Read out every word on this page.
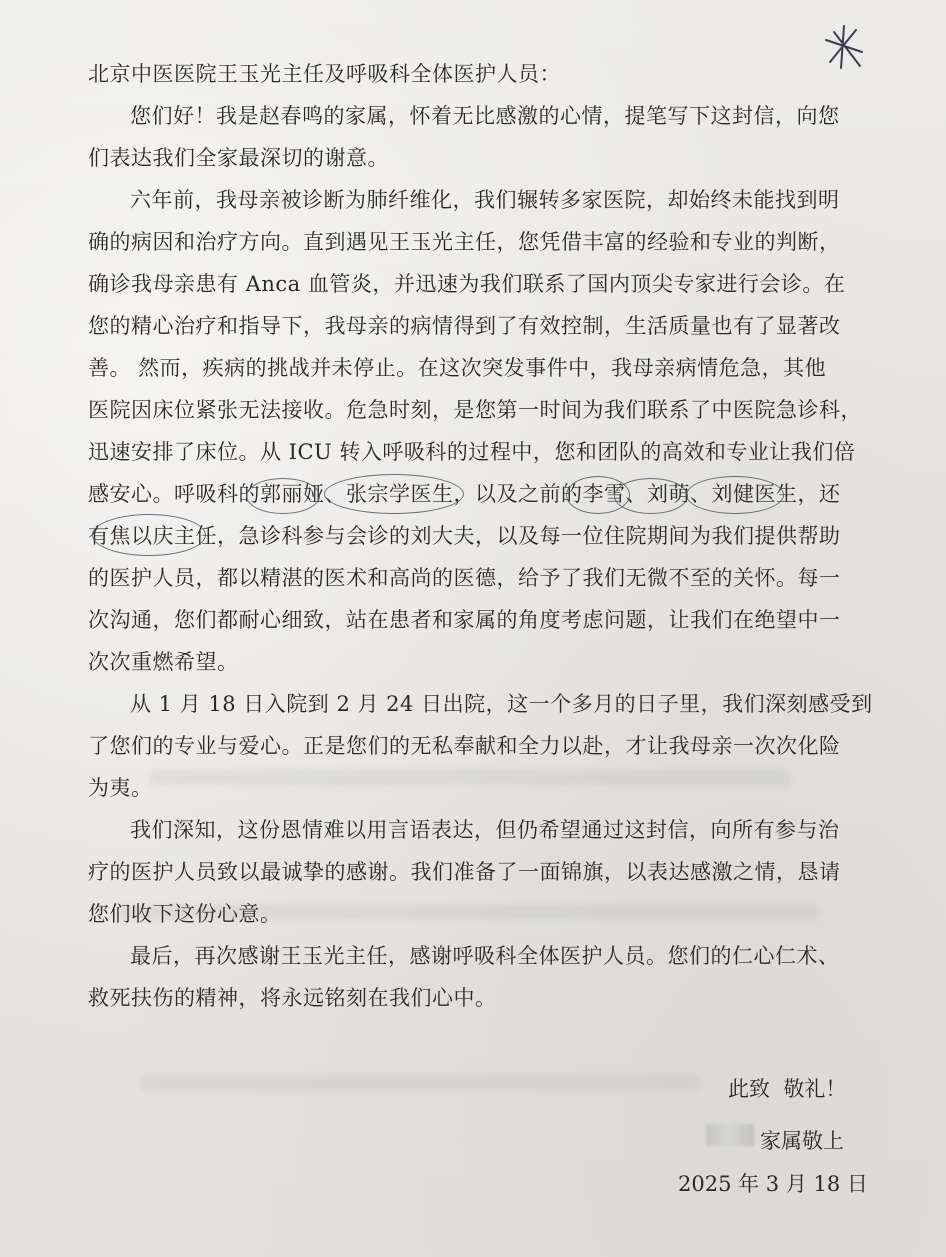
北京中医医院王玉光主任及呼吸科全体医护人员：
您们好！我是赵春鸣的家属，怀着无比感激的心情，提笔写下这封信，向您
们表达我们全家最深切的谢意。
六年前，我母亲被诊断为肺纤维化，我们辗转多家医院，却始终未能找到明
确的病因和治疗方向。直到遇见王玉光主任，您凭借丰富的经验和专业的判断，
确诊我母亲患有 Anca 血管炎，并迅速为我们联系了国内顶尖专家进行会诊。在
您的精心治疗和指导下，我母亲的病情得到了有效控制，生活质量也有了显著改
善。 然而，疾病的挑战并未停止。在这次突发事件中，我母亲病情危急，其他
医院因床位紧张无法接收。危急时刻，是您第一时间为我们联系了中医院急诊科，
迅速安排了床位。从 ICU 转入呼吸科的过程中，您和团队的高效和专业让我们倍
感安心。呼吸科的郭丽娅、张宗学医生，以及之前的李雪、刘萌、刘健医生，还
有焦以庆主任，急诊科参与会诊的刘大夫，以及每一位住院期间为我们提供帮助
的医护人员，都以精湛的医术和高尚的医德，给予了我们无微不至的关怀。每一
次沟通，您们都耐心细致，站在患者和家属的角度考虑问题，让我们在绝望中一
次次重燃希望。
从 1 月 18 日入院到 2 月 24 日出院，这一个多月的日子里，我们深刻感受到
了您们的专业与爱心。正是您们的无私奉献和全力以赴，才让我母亲一次次化险
为夷。
我们深知，这份恩情难以用言语表达，但仍希望通过这封信，向所有参与治
疗的医护人员致以最诚挚的感谢。我们准备了一面锦旗，以表达感激之情，恳请
您们收下这份心意。
最后，再次感谢王玉光主任，感谢呼吸科全体医护人员。您们的仁心仁术、
救死扶伤的精神，将永远铭刻在我们心中。
此致  敬礼！
家属敬上
2025 年 3 月 18 日
